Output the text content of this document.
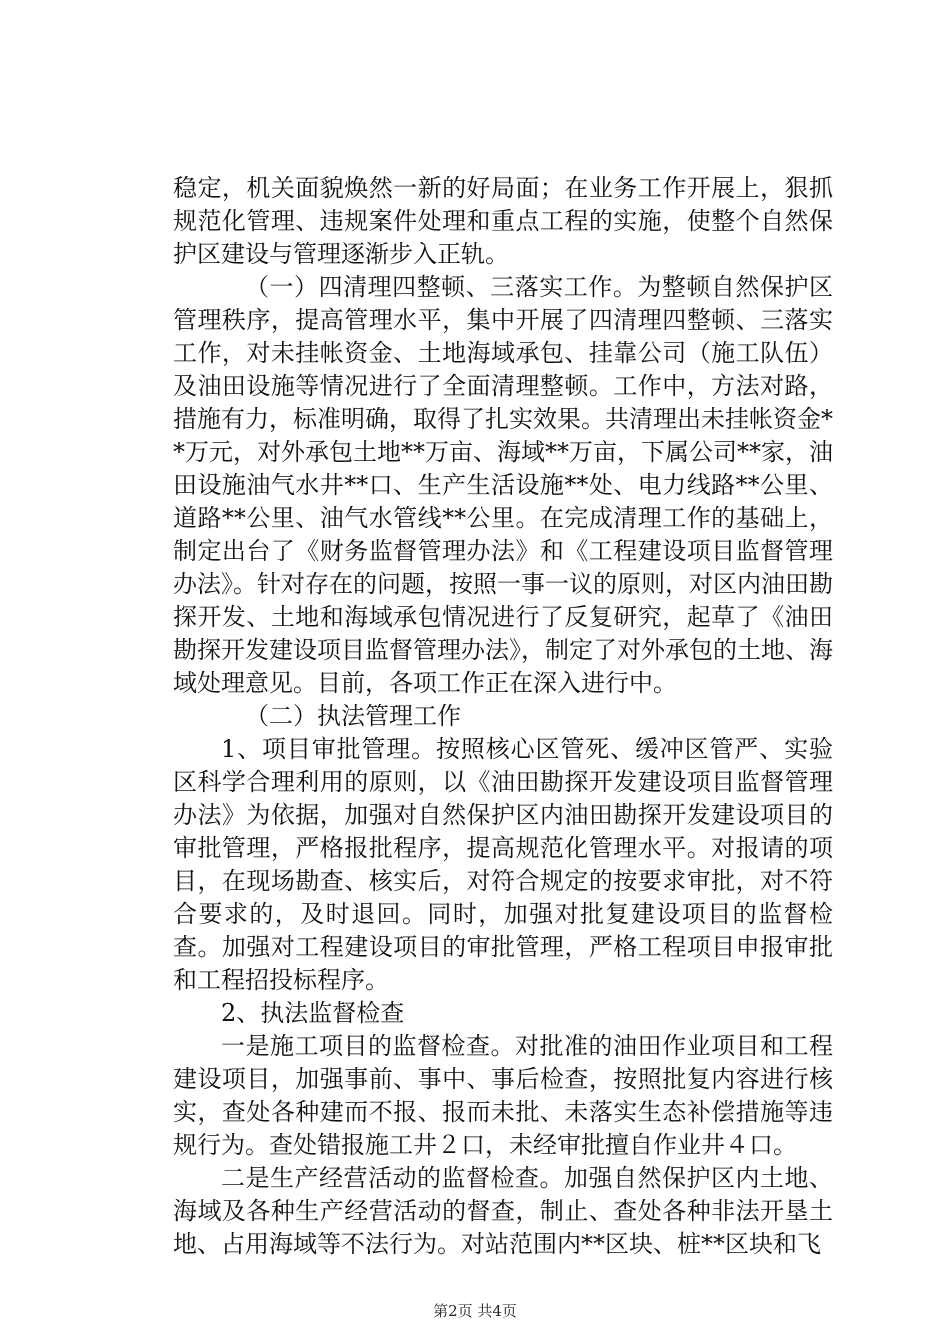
稳定，机关面貌焕然一新的好局面；在业务工作开展上，狠抓规范化管理、违规案件处理和重点工程的实施，使整个自然保护区建设与管理逐渐步入正轨。

（一）四清理四整顿、三落实工作。为整顿自然保护区管理秩序，提高管理水平，集中开展了四清理四整顿、三落实工作，对未挂帐资金、土地海域承包、挂靠公司（施工队伍）及油田设施等情况进行了全面清理整顿。工作中，方法对路，措施有力，标准明确，取得了扎实效果。共清理出未挂帐资金**万元，对外承包土地**万亩、海域**万亩，下属公司**家，油田设施油气水井**口、生产生活设施**处、电力线路**公里、道路**公里、油气水管线**公里。在完成清理工作的基础上，制定出台了《财务监督管理办法》和《工程建设项目监督管理办法》。针对存在的问题，按照一事一议的原则，对区内油田勘探开发、土地和海域承包情况进行了反复研究，起草了《油田勘探开发建设项目监督管理办法》，制定了对外承包的土地、海域处理意见。目前，各项工作正在深入进行中。

（二）执法管理工作

1、项目审批管理。按照核心区管死、缓冲区管严、实验区科学合理利用的原则，以《油田勘探开发建设项目监督管理办法》为依据，加强对自然保护区内油田勘探开发建设项目的审批管理，严格报批程序，提高规范化管理水平。对报请的项目，在现场勘查、核实后，对符合规定的按要求审批，对不符合要求的，及时退回。同时，加强对批复建设项目的监督检查。加强对工程建设项目的审批管理，严格工程项目申报审批和工程招投标程序。

2、执法监督检查

一是施工项目的监督检查。对批准的油田作业项目和工程建设项目，加强事前、事中、事后检查，按照批复内容进行核实，查处各种建而不报、报而未批、未落实生态补偿措施等违规行为。查处错报施工井２口，未经审批擅自作业井４口。

二是生产经营活动的监督检查。加强自然保护区内土地、海域及各种生产经营活动的督查，制止、查处各种非法开垦土地、占用海域等不法行为。对站范围内**区块、桩**区块和飞

第2页 共4页
